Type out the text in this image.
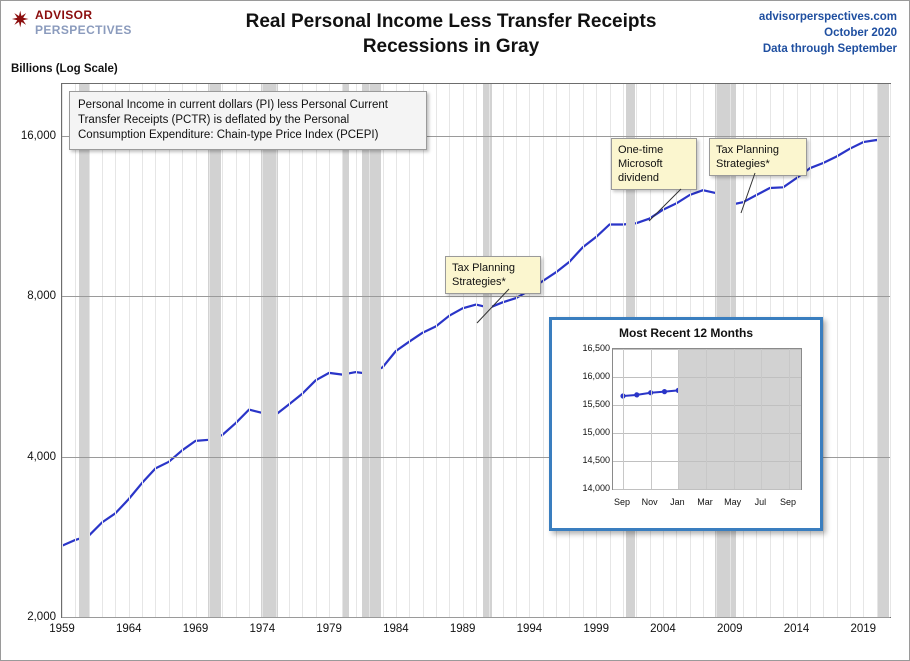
✷ ADVISOR
PERSPECTIVES	Real Personal Income Less Transfer Receipts
Recessions in Gray
advisorperspectives.com
October 2020
Data through September
Billions (Log Scale)
2,000
4,000
8,000
16,000
1959	1964	1969	1974	1979	1984	1989	1994	1999	2004	2009	2014	2019
Personal Income in current dollars (PI) less Personal Current Transfer Receipts (PCTR) is deflated by the Personal Consumption Expenditure: Chain-type Price Index (PCEPI)
Tax Planning Strategies*
One-time Microsoft dividend
Tax Planning Strategies*
Most Recent 12 Months
14,000
14,500
15,000
15,500
16,000
16,500
Sep Nov Jan Mar May Jul Sep
